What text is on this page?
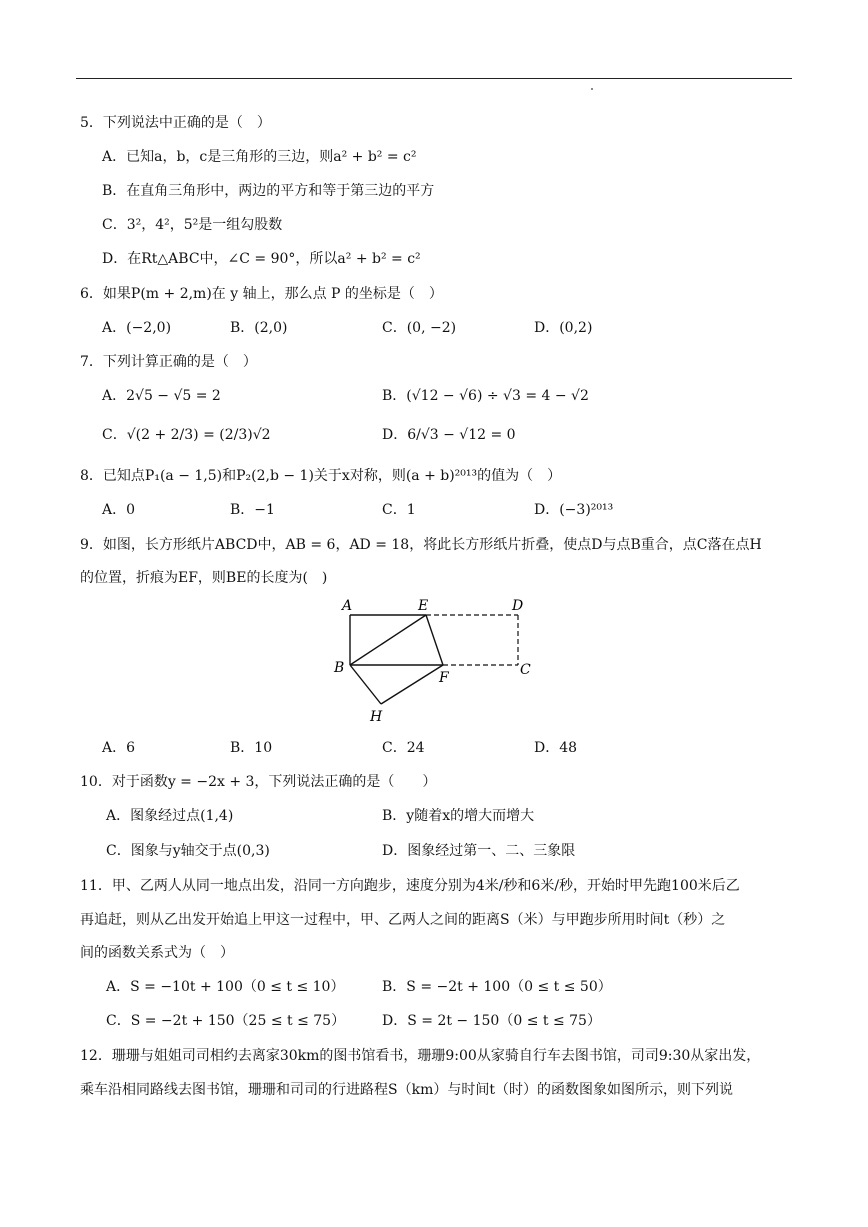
5．下列说法中正确的是（　）
A．已知a，b，c是三角形的三边，则a² + b² = c²
B．在直角三角形中，两边的平方和等于第三边的平方
C．3²，4²，5²是一组勾股数
D．在Rt△ABC中，∠C = 90°，所以a² + b² = c²
6．如果P(m + 2,m)在 y 轴上，那么点 P 的坐标是（　）
A．(−2,0)	B．(2,0)	C．(0, −2)	D．(0,2)
7．下列计算正确的是（　）
A．2√5 − √5 = 2	B．(√12 − √6) ÷ √3 = 4 − √2
C．√(2 + 2/3) = (2/3)√2	D．6/√3 − √12 = 0
8．已知点P₁(a − 1,5)和P₂(2,b − 1)关于x对称，则(a + b)²⁰¹³的值为（　）
A．0	B．−1	C．1	D．(−3)²⁰¹³
9．如图，长方形纸片ABCD中，AB = 6，AD = 18，将此长方形纸片折叠，使点D与点B重合，点C落在点H
的位置，折痕为EF，则BE的长度为(　)
A	E	D
B
F	C
H
A．6	B．10	C．24	D．48
10．对于函数y = −2x + 3，下列说法正确的是（　　）
A．图象经过点(1,4)	B．y随着x的增大而增大
C．图象与y轴交于点(0,3)	D．图象经过第一、二、三象限
11．甲、乙两人从同一地点出发，沿同一方向跑步，速度分别为4米/秒和6米/秒，开始时甲先跑100米后乙
再追赶，则从乙出发开始追上甲这一过程中，甲、乙两人之间的距离S（米）与甲跑步所用时间t（秒）之
间的函数关系式为（　）
A．S = −10t + 100（0 ≤ t ≤ 10）	B．S = −2t + 100（0 ≤ t ≤ 50）
C．S = −2t + 150（25 ≤ t ≤ 75）	D．S = 2t − 150（0 ≤ t ≤ 75）
12．珊珊与姐姐司司相约去离家30km的图书馆看书，珊珊9:00从家骑自行车去图书馆，司司9:30从家出发，
乘车沿相同路线去图书馆，珊珊和司司的行进路程S（km）与时间t（时）的函数图象如图所示，则下列说
